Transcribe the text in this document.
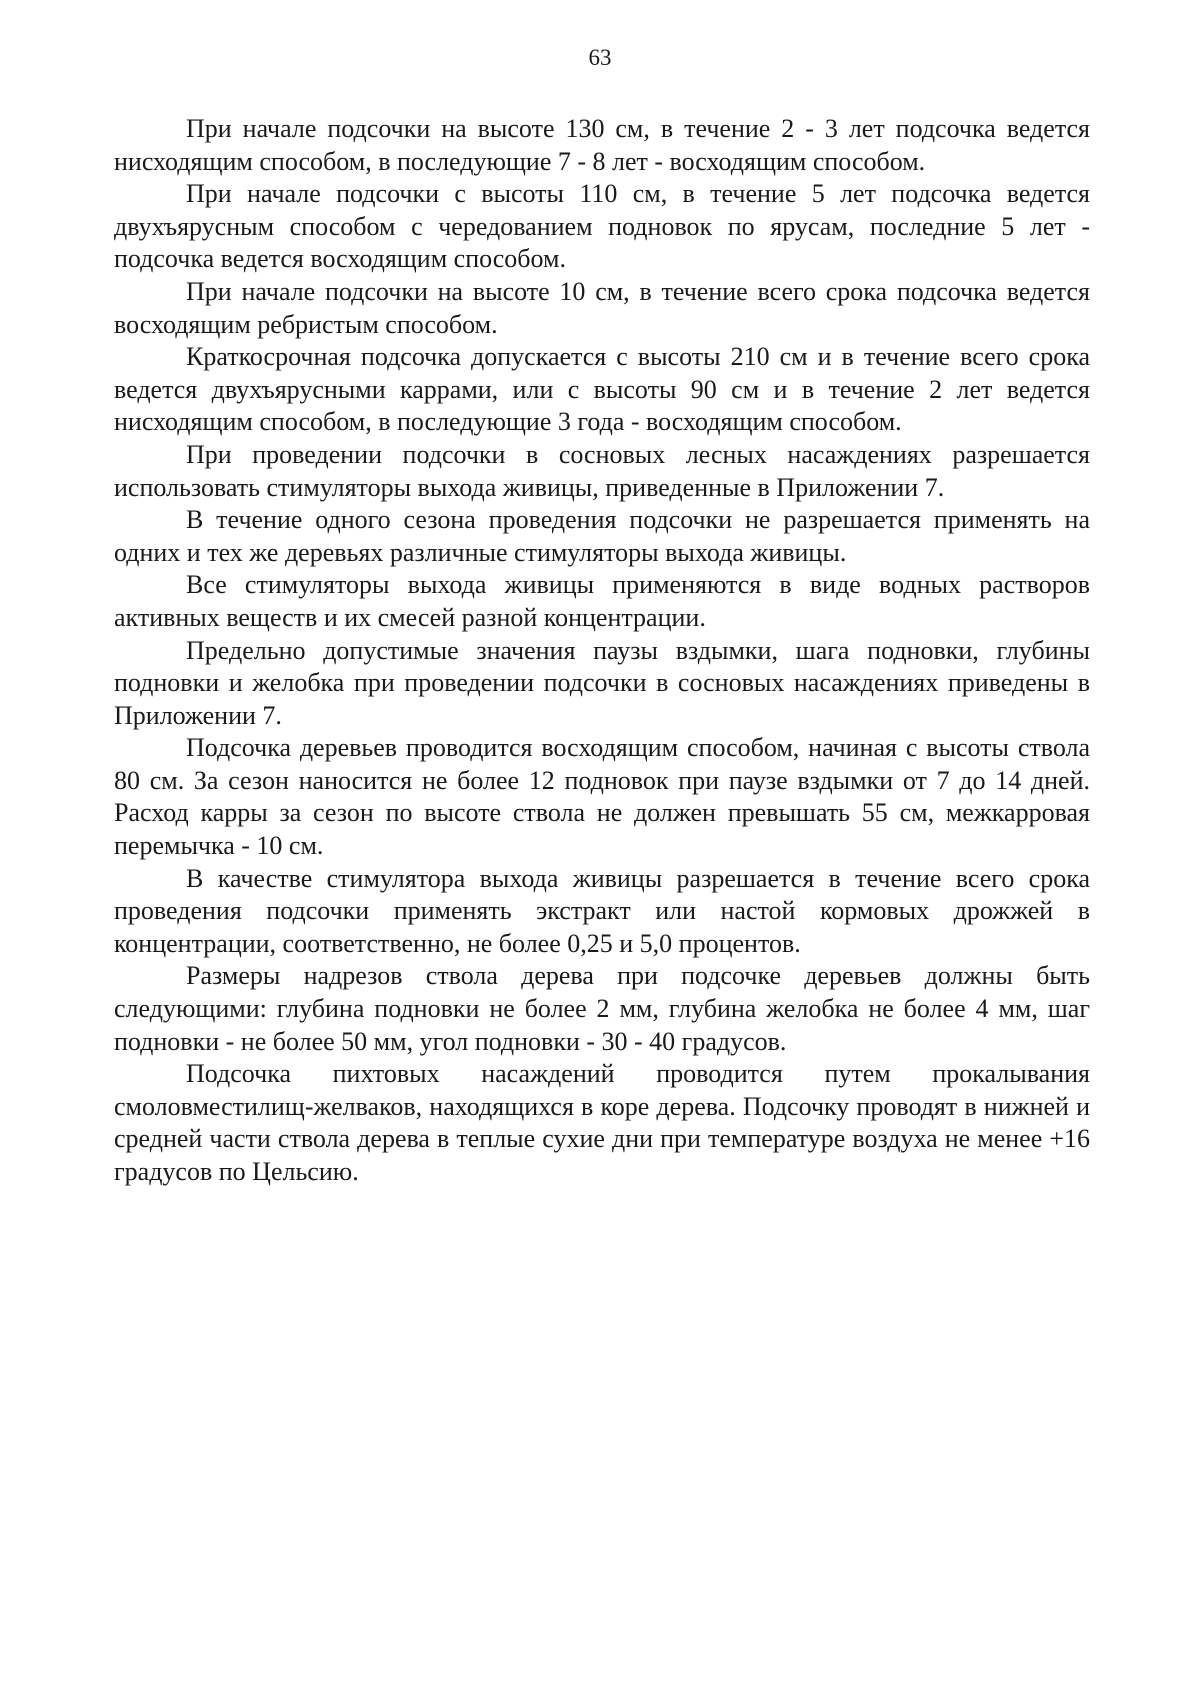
63

При начале подсочки на высоте 130 см, в течение 2 - 3 лет подсочка ведется нисходящим способом, в последующие 7 - 8 лет - восходящим способом.

При начале подсочки с высоты 110 см, в течение 5 лет подсочка ведется двухъярусным способом с чередованием подновок по ярусам, последние 5 лет - подсочка ведется восходящим способом.

При начале подсочки на высоте 10 см, в течение всего срока подсочка ведется восходящим ребристым способом.

Краткосрочная подсочка допускается с высоты 210 см и в течение всего срока ведется двухъярусными каррами, или с высоты 90 см и в течение 2 лет ведется нисходящим способом, в последующие 3 года - восходящим способом.

При проведении подсочки в сосновых лесных насаждениях разрешается использовать стимуляторы выхода живицы, приведенные в Приложении 7.

В течение одного сезона проведения подсочки не разрешается применять на одних и тех же деревьях различные стимуляторы выхода живицы.

Все стимуляторы выхода живицы применяются в виде водных растворов активных веществ и их смесей разной концентрации.

Предельно допустимые значения паузы вздымки, шага подновки, глубины подновки и желобка при проведении подсочки в сосновых насаждениях приведены в Приложении 7.

Подсочка деревьев проводится восходящим способом, начиная с высоты ствола 80 см. За сезон наносится не более 12 подновок при паузе вздымки от 7 до 14 дней. Расход карры за сезон по высоте ствола не должен превышать 55 см, межкарровая перемычка - 10 см.

В качестве стимулятора выхода живицы разрешается в течение всего срока проведения подсочки применять экстракт или настой кормовых дрожжей в концентрации, соответственно, не более 0,25 и 5,0 процентов.

Размеры надрезов ствола дерева при подсочке деревьев должны быть следующими: глубина подновки не более 2 мм, глубина желобка не более 4 мм, шаг подновки - не более 50 мм, угол подновки - 30 - 40 градусов.

Подсочка пихтовых насаждений проводится путем прокалывания смоловместилищ-желваков, находящихся в коре дерева. Подсочку проводят в нижней и средней части ствола дерева в теплые сухие дни при температуре воздуха не менее +16 градусов по Цельсию.
